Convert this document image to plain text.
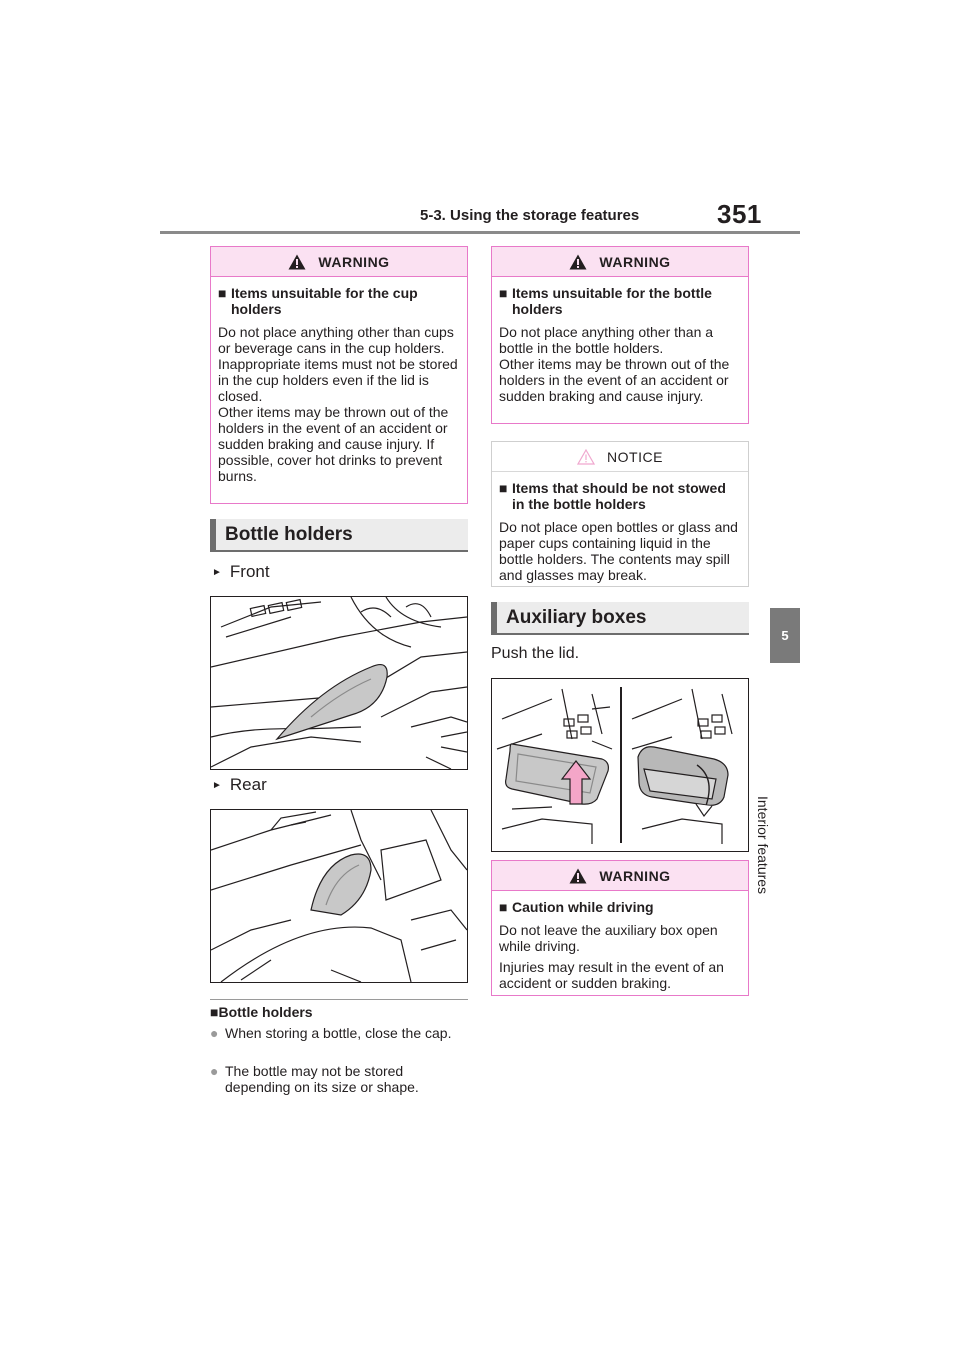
5-3. Using the storage features	351
5
Interior features
WARNING
■ Items unsuitable for the cup holders
Do not place anything other than cups or beverage cans in the cup holders.
Inappropriate items must not be stored in the cup holders even if the lid is closed.
Other items may be thrown out of the holders in the event of an accident or sudden braking and cause injury. If possible, cover hot drinks to prevent burns.
Bottle holders
► Front
► Rear
■Bottle holders
● When storing a bottle, close the cap.
● The bottle may not be stored depending on its size or shape.
WARNING
■ Items unsuitable for the bottle holders
Do not place anything other than a bottle in the bottle holders.
Other items may be thrown out of the holders in the event of an accident or sudden braking and cause injury.
NOTICE
■ Items that should be not stowed in the bottle holders
Do not place open bottles or glass and paper cups containing liquid in the bottle holders. The contents may spill and glasses may break.
Auxiliary boxes
Push the lid.
WARNING
■ Caution while driving
Do not leave the auxiliary box open while driving.
Injuries may result in the event of an accident or sudden braking.
